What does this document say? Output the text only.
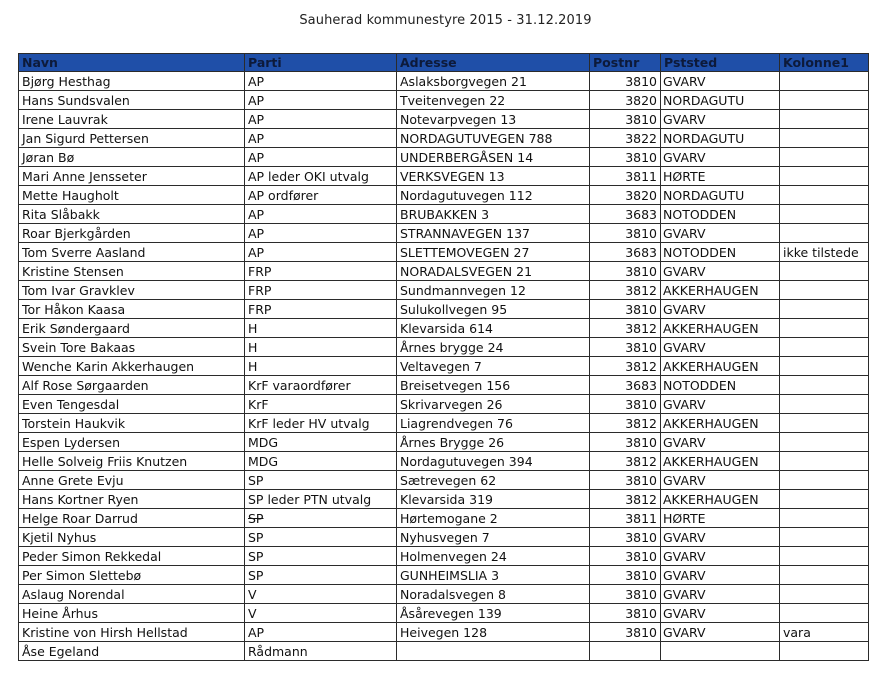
Sauherad kommunestyre 2015 - 31.12.2019
Navn	Parti	Adresse	Postnr	Pststed	Kolonne1
Bjørg Hesthag	AP	Aslaksborgvegen 21	3810	GVARV	
Hans Sundsvalen	AP	Tveitenvegen 22	3820	NORDAGUTU	
Irene Lauvrak	AP	Notevarpvegen 13	3810	GVARV	
Jan Sigurd Pettersen	AP	NORDAGUTUVEGEN 788	3822	NORDAGUTU	
Jøran Bø	AP	UNDERBERGÅSEN 14	3810	GVARV	
Mari Anne Jensseter	AP leder OKI utvalg	VERKSVEGEN 13	3811	HØRTE	
Mette Haugholt	AP ordfører	Nordagutuvegen 112	3820	NORDAGUTU	
Rita Slåbakk	AP	BRUBAKKEN 3	3683	NOTODDEN	
Roar Bjerkgården	AP	STRANNAVEGEN 137	3810	GVARV	
Tom Sverre Aasland	AP	SLETTEMOVEGEN 27	3683	NOTODDEN	ikke tilstede
Kristine Stensen	FRP	NORADALSVEGEN 21	3810	GVARV	
Tom Ivar Gravklev	FRP	Sundmannvegen 12	3812	AKKERHAUGEN	
Tor Håkon Kaasa	FRP	Sulukollvegen 95	3810	GVARV	
Erik Søndergaard	H	Klevarsida 614	3812	AKKERHAUGEN	
Svein Tore Bakaas	H	Årnes brygge 24	3810	GVARV	
Wenche Karin Akkerhaugen	H	Veltavegen 7	3812	AKKERHAUGEN	
Alf Rose Sørgaarden	KrF varaordfører	Breisetvegen 156	3683	NOTODDEN	
Even Tengesdal	KrF	Skrivarvegen 26	3810	GVARV	
Torstein Haukvik	KrF leder HV utvalg	Liagrendvegen 76	3812	AKKERHAUGEN	
Espen Lydersen	MDG	Årnes Brygge 26	3810	GVARV	
Helle Solveig Friis Knutzen	MDG	Nordagutuvegen 394	3812	AKKERHAUGEN	
Anne Grete Evju	SP	Sætrevegen 62	3810	GVARV	
Hans Kortner Ryen	SP leder PTN utvalg	Klevarsida 319	3812	AKKERHAUGEN	
Helge Roar Darrud	SP	Hørtemogane 2	3811	HØRTE	
Kjetil Nyhus	SP	Nyhusvegen 7	3810	GVARV	
Peder Simon Rekkedal	SP	Holmenvegen 24	3810	GVARV	
Per Simon Slettebø	SP	GUNHEIMSLIA 3	3810	GVARV	
Aslaug Norendal	V	Noradalsvegen 8	3810	GVARV	
Heine Århus	V	Åsårevegen 139	3810	GVARV	
Kristine von Hirsh Hellstad	AP	Heivegen 128	3810	GVARV	vara
Åse Egeland	Rådmann				
